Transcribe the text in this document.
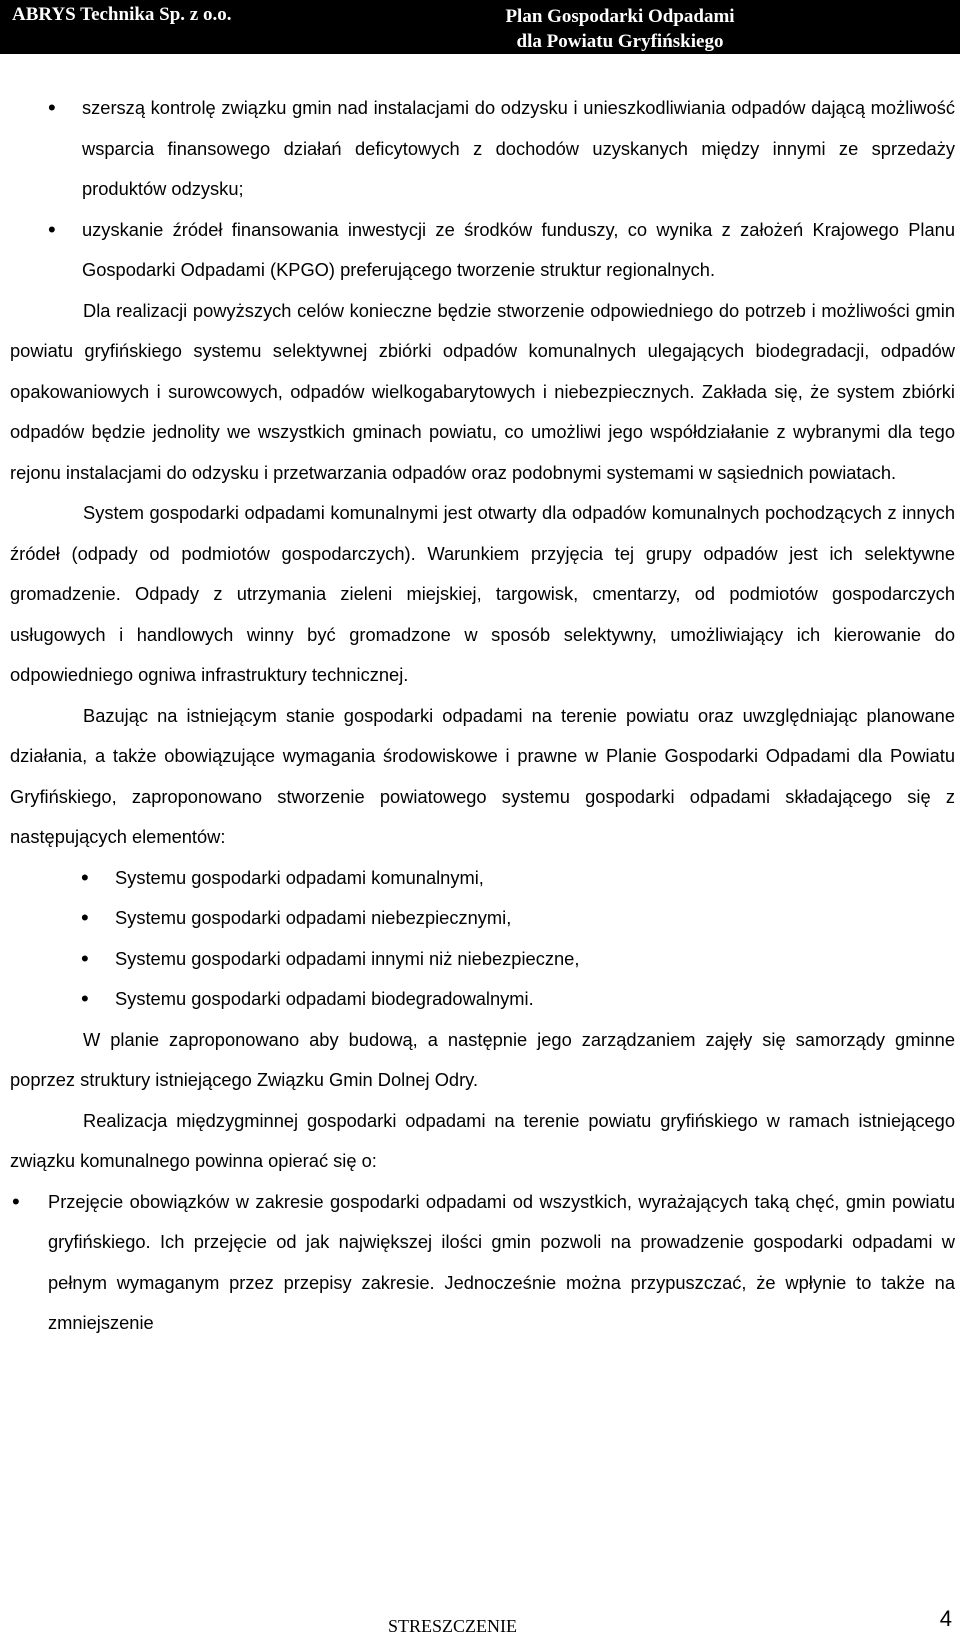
ABRYS Technika Sp. z o.o.	Plan Gospodarki Odpadami
dla Powiatu Gryfińskiego
• szerszą kontrolę związku gmin nad instalacjami do odzysku i unieszkodliwiania odpadów dającą możliwość wsparcia finansowego działań deficytowych z dochodów uzyskanych między innymi ze sprzedaży produktów odzysku;
• uzyskanie źródeł finansowania inwestycji ze środków funduszy, co wynika z założeń Krajowego Planu Gospodarki Odpadami (KPGO) preferującego tworzenie struktur regionalnych.

Dla realizacji powyższych celów konieczne będzie stworzenie odpowiedniego do potrzeb i możliwości gmin powiatu gryfińskiego systemu selektywnej zbiórki odpadów komunalnych ulegających biodegradacji, odpadów opakowaniowych i surowcowych, odpadów wielkogabarytowych i niebezpiecznych. Zakłada się, że system zbiórki odpadów będzie jednolity we wszystkich gminach powiatu, co umożliwi jego współdziałanie z wybranymi dla tego rejonu instalacjami do odzysku i przetwarzania odpadów oraz podobnymi systemami w sąsiednich powiatach.

System gospodarki odpadami komunalnymi jest otwarty dla odpadów komunalnych pochodzących z innych źródeł (odpady od podmiotów gospodarczych). Warunkiem przyjęcia tej grupy odpadów jest ich selektywne gromadzenie. Odpady z utrzymania zieleni miejskiej, targowisk, cmentarzy, od podmiotów gospodarczych usługowych i handlowych winny być gromadzone w sposób selektywny, umożliwiający ich kierowanie do odpowiedniego ogniwa infrastruktury technicznej.

Bazując na istniejącym stanie gospodarki odpadami na terenie powiatu oraz uwzględniając planowane działania, a także obowiązujące wymagania środowiskowe i prawne w Planie Gospodarki Odpadami dla Powiatu Gryfińskiego, zaproponowano stworzenie powiatowego systemu gospodarki odpadami składającego się z następujących elementów:

• Systemu gospodarki odpadami komunalnymi,
• Systemu gospodarki odpadami niebezpiecznymi,
• Systemu gospodarki odpadami innymi niż niebezpieczne,
• Systemu gospodarki odpadami biodegradowalnymi.

W planie zaproponowano aby budową, a następnie jego zarządzaniem zajęły się samorządy gminne poprzez struktury istniejącego Związku Gmin Dolnej Odry.

Realizacja międzygminnej gospodarki odpadami na terenie powiatu gryfińskiego w ramach istniejącego związku komunalnego powinna opierać się o:

• Przejęcie obowiązków w zakresie gospodarki odpadami od wszystkich, wyrażających taką chęć, gmin powiatu gryfińskiego. Ich przejęcie od jak największej ilości gmin pozwoli na prowadzenie gospodarki odpadami w pełnym wymaganym przez przepisy zakresie. Jednocześnie można przypuszczać, że wpłynie to także na zmniejszenie
STRESZCZENIE	4
